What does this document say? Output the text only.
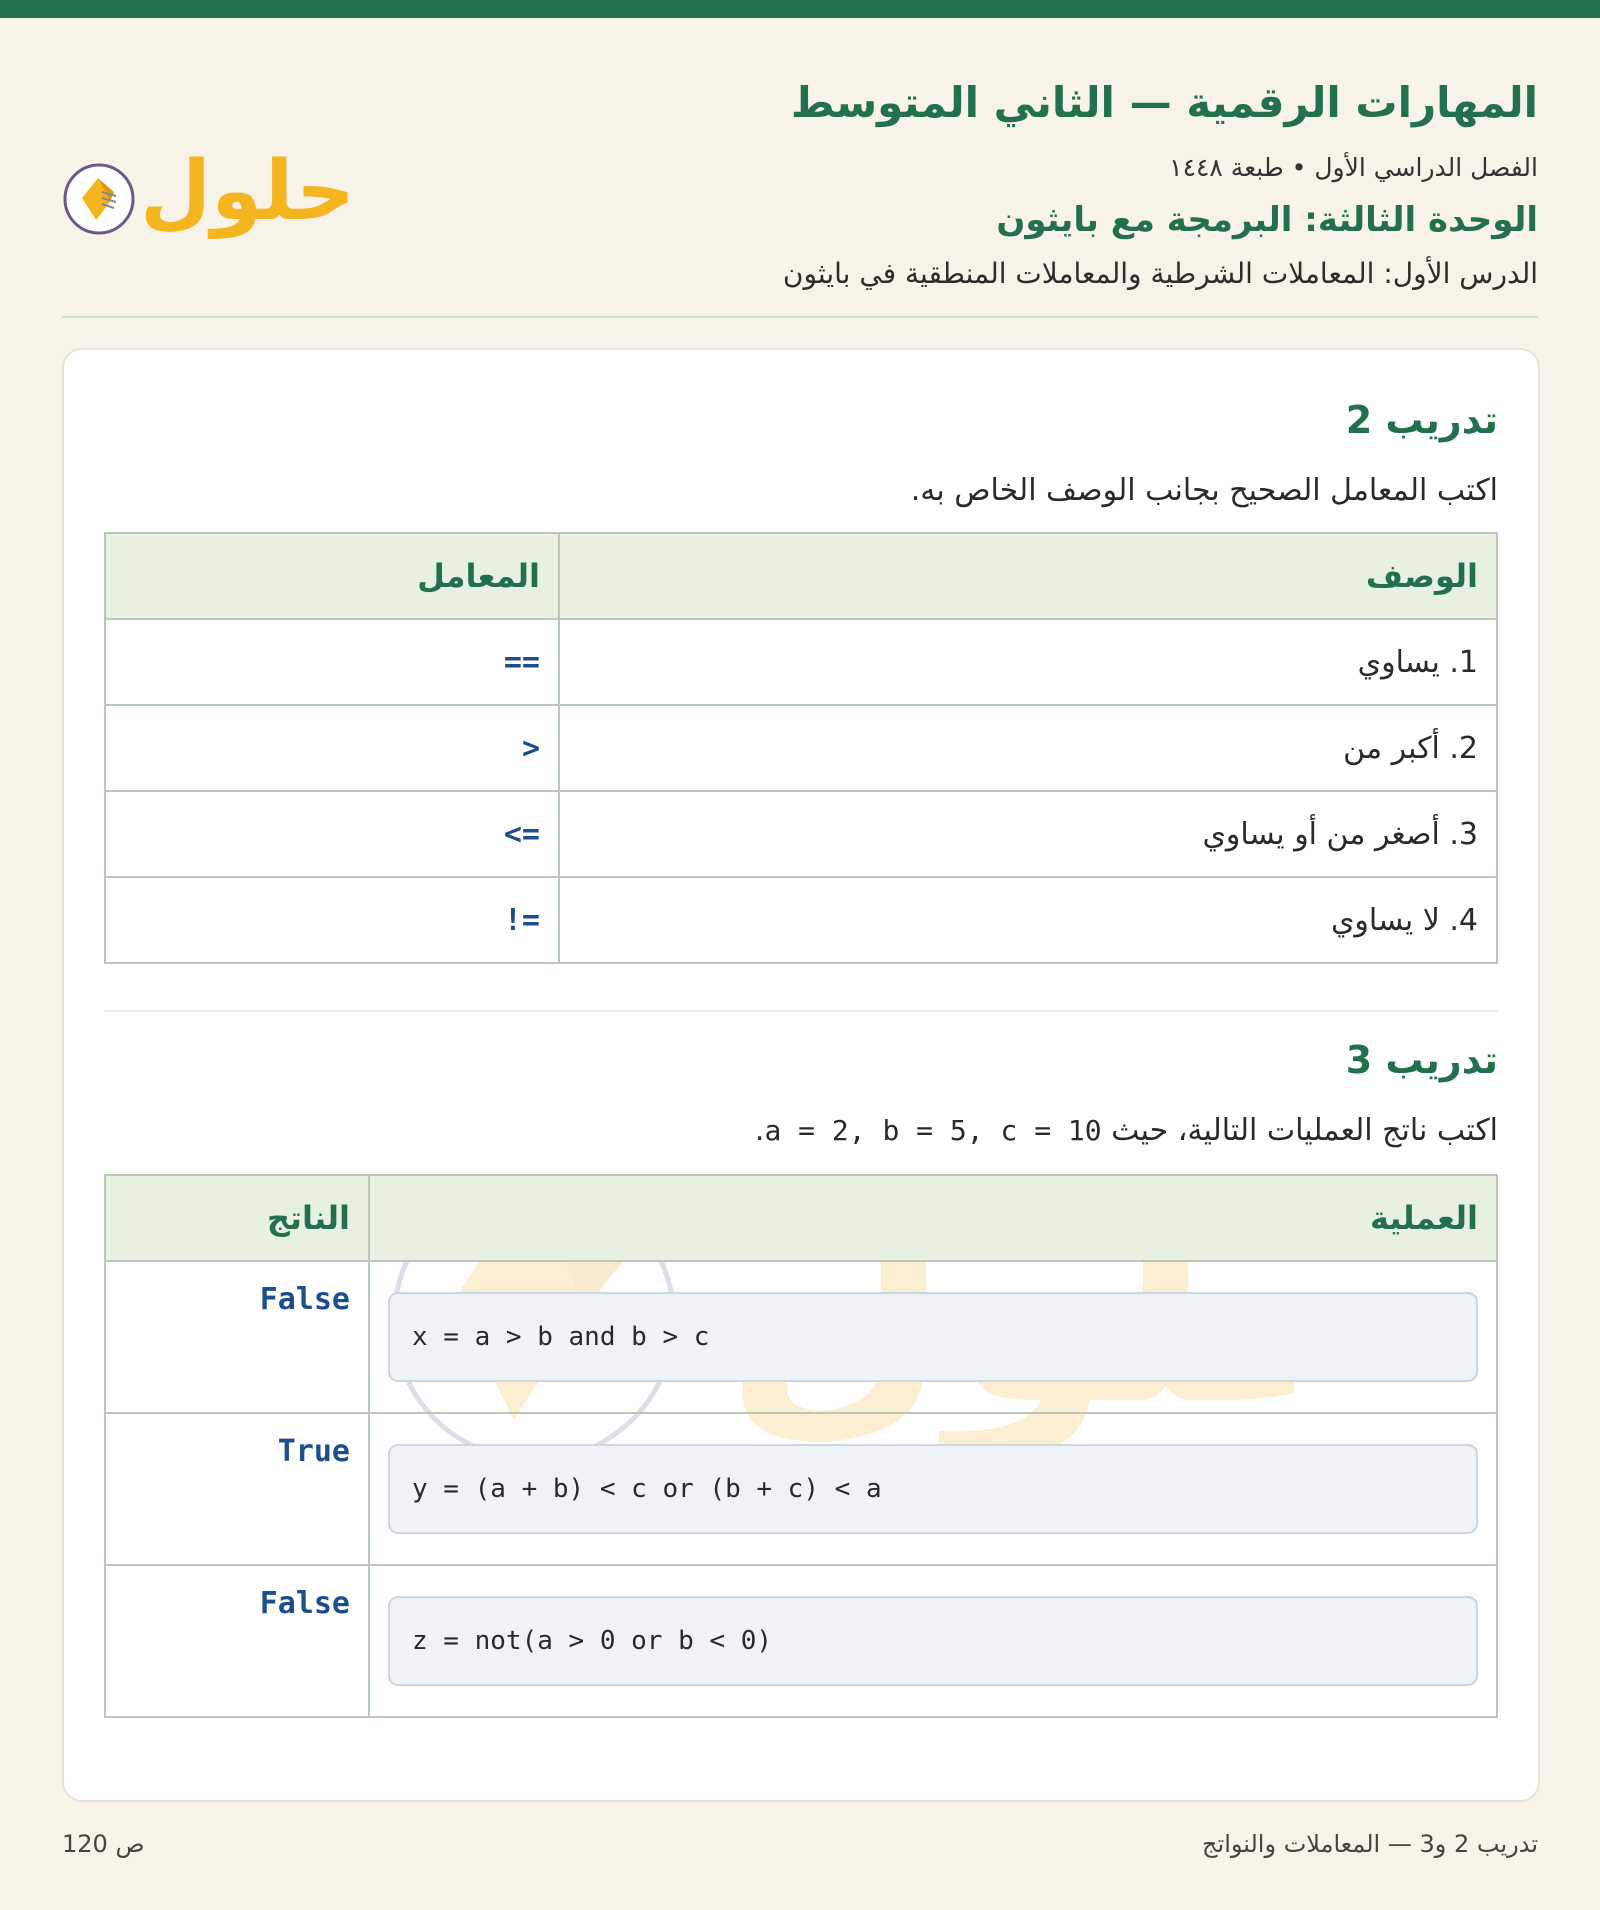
المهارات الرقمية — الثاني المتوسط
الفصل الدراسي الأول • طبعة ١٤٤٨
الوحدة الثالثة: البرمجة مع بايثون
الدرس الأول: المعاملات الشرطية والمعاملات المنطقية في بايثون
حلول
تدريب 2
اكتب المعامل الصحيح بجانب الوصف الخاص به.
الوصف	المعامل
1. يساوي	==
2. أكبر من	>
3. أصغر من أو يساوي	<=
4. لا يساوي	!=
تدريب 3
اكتب ناتج العمليات التالية، حيث a = 2, b = 5, c = 10.
العملية	الناتج

x = a > b and b > c	False

y = (a + b) < c or (b + c) < a	True

z = not(a > 0 or b < 0)	False
تدريب 2 و3 — المعاملات والنواتج
ص 120
